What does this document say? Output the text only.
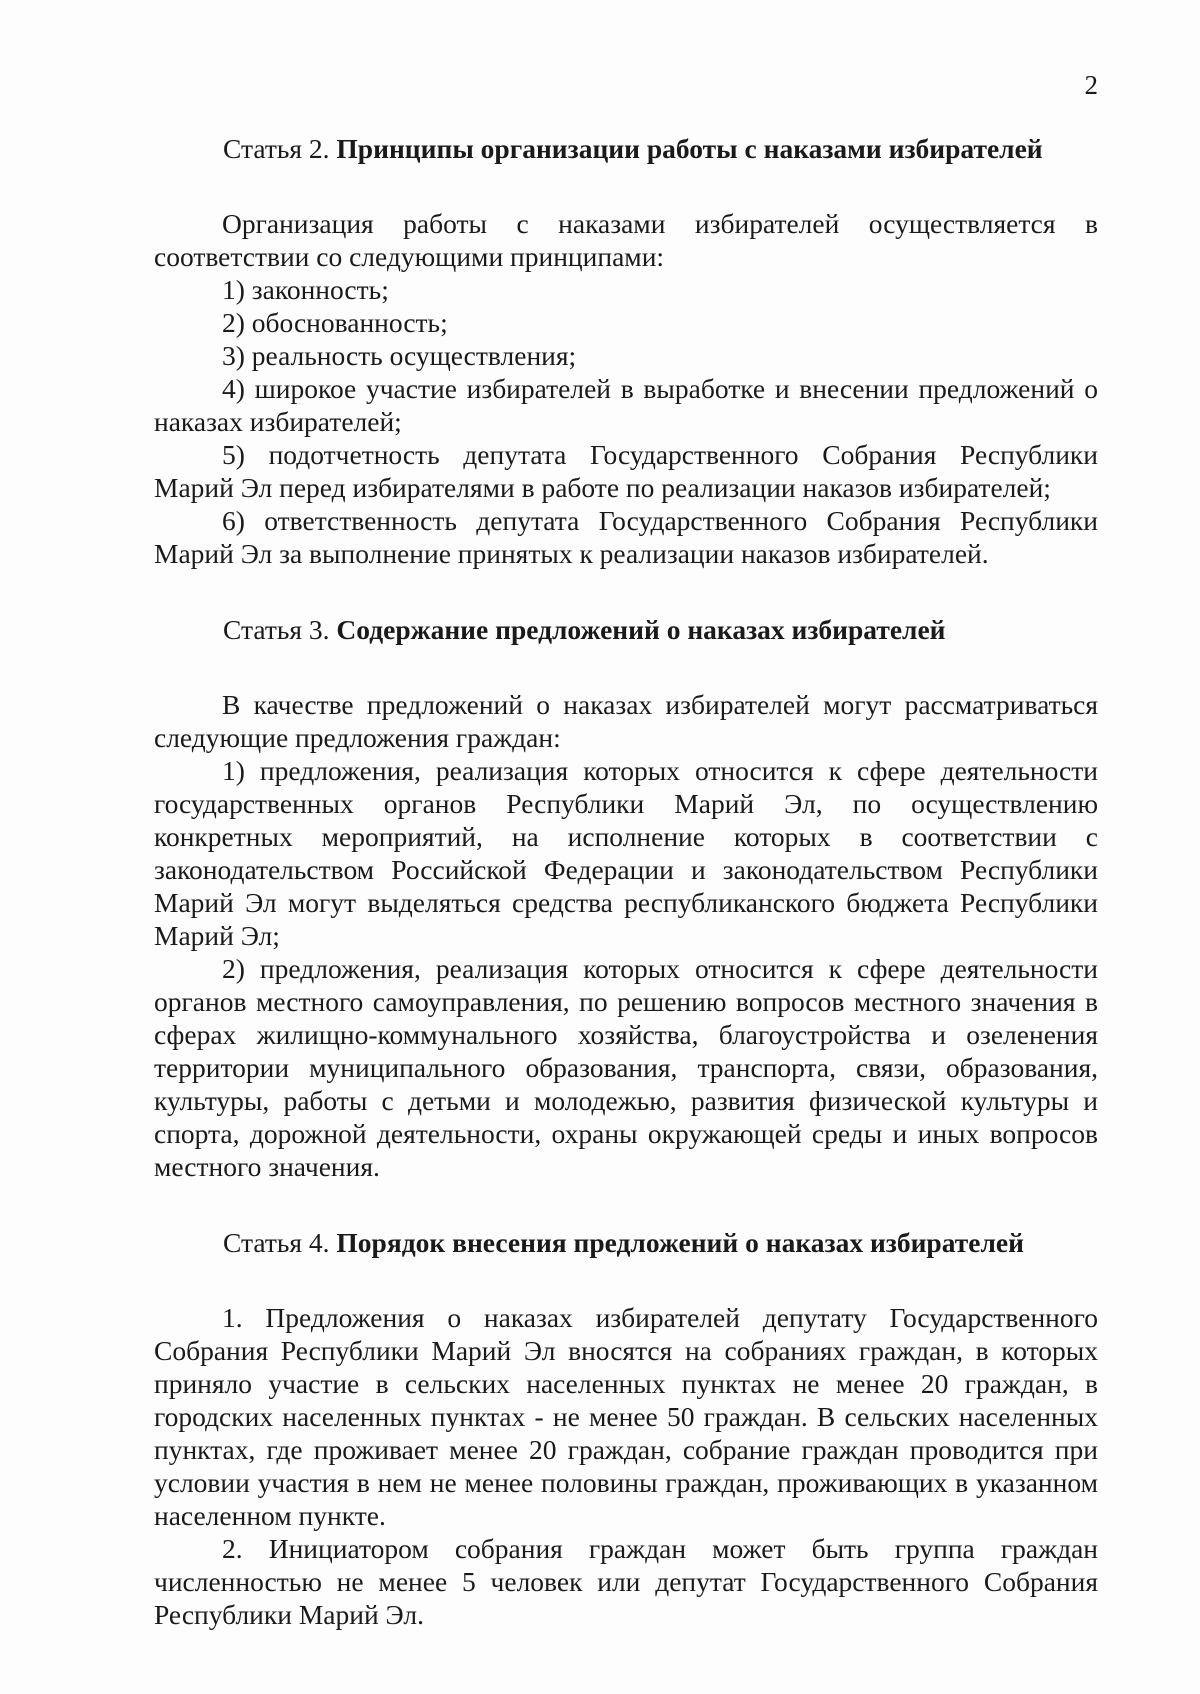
2
Статья 2. Принципы организации работы с наказами избирателей

Организация работы с наказами избирателей осуществляется в соответствии со следующими принципами:

1) законность;

2) обоснованность;

3) реальность осуществления;

4) широкое участие избирателей в выработке и внесении предложений о наказах избирателей;

5) подотчетность депутата Государственного Собрания Республики Марий Эл перед избирателями в работе по реализации наказов избирателей;

6) ответственность депутата Государственного Собрания Республики Марий Эл за выполнение принятых к реализации наказов избирателей.

Статья 3. Содержание предложений о наказах избирателей

В качестве предложений о наказах избирателей могут рассматриваться следующие предложения граждан:

1) предложения, реализация которых относится к сфере деятельности государственных органов Республики Марий Эл, по осуществлению конкретных мероприятий, на исполнение которых в соответствии с законодательством Российской Федерации и законодательством Республики Марий Эл могут выделяться средства республиканского бюджета Республики Марий Эл;

2) предложения, реализация которых относится к сфере деятельности органов местного самоуправления, по решению вопросов местного значения в сферах жилищно-коммунального хозяйства, благоустройства и озеленения территории муниципального образования, транспорта, связи, образования, культуры, работы с детьми и молодежью, развития физической культуры и спорта, дорожной деятельности, охраны окружающей среды и иных вопросов местного значения.

Статья 4. Порядок внесения предложений о наказах избирателей

1. Предложения о наказах избирателей депутату Государственного Собрания Республики Марий Эл вносятся на собраниях граждан, в которых приняло участие в сельских населенных пунктах не менее 20 граждан, в городских населенных пунктах - не менее 50 граждан. В сельских населенных пунктах, где проживает менее 20 граждан, собрание граждан проводится при условии участия в нем не менее половины граждан, проживающих в указанном населенном пункте.

2. Инициатором собрания граждан может быть группа граждан численностью не менее 5 человек или депутат Государственного Собрания Республики Марий Эл.
